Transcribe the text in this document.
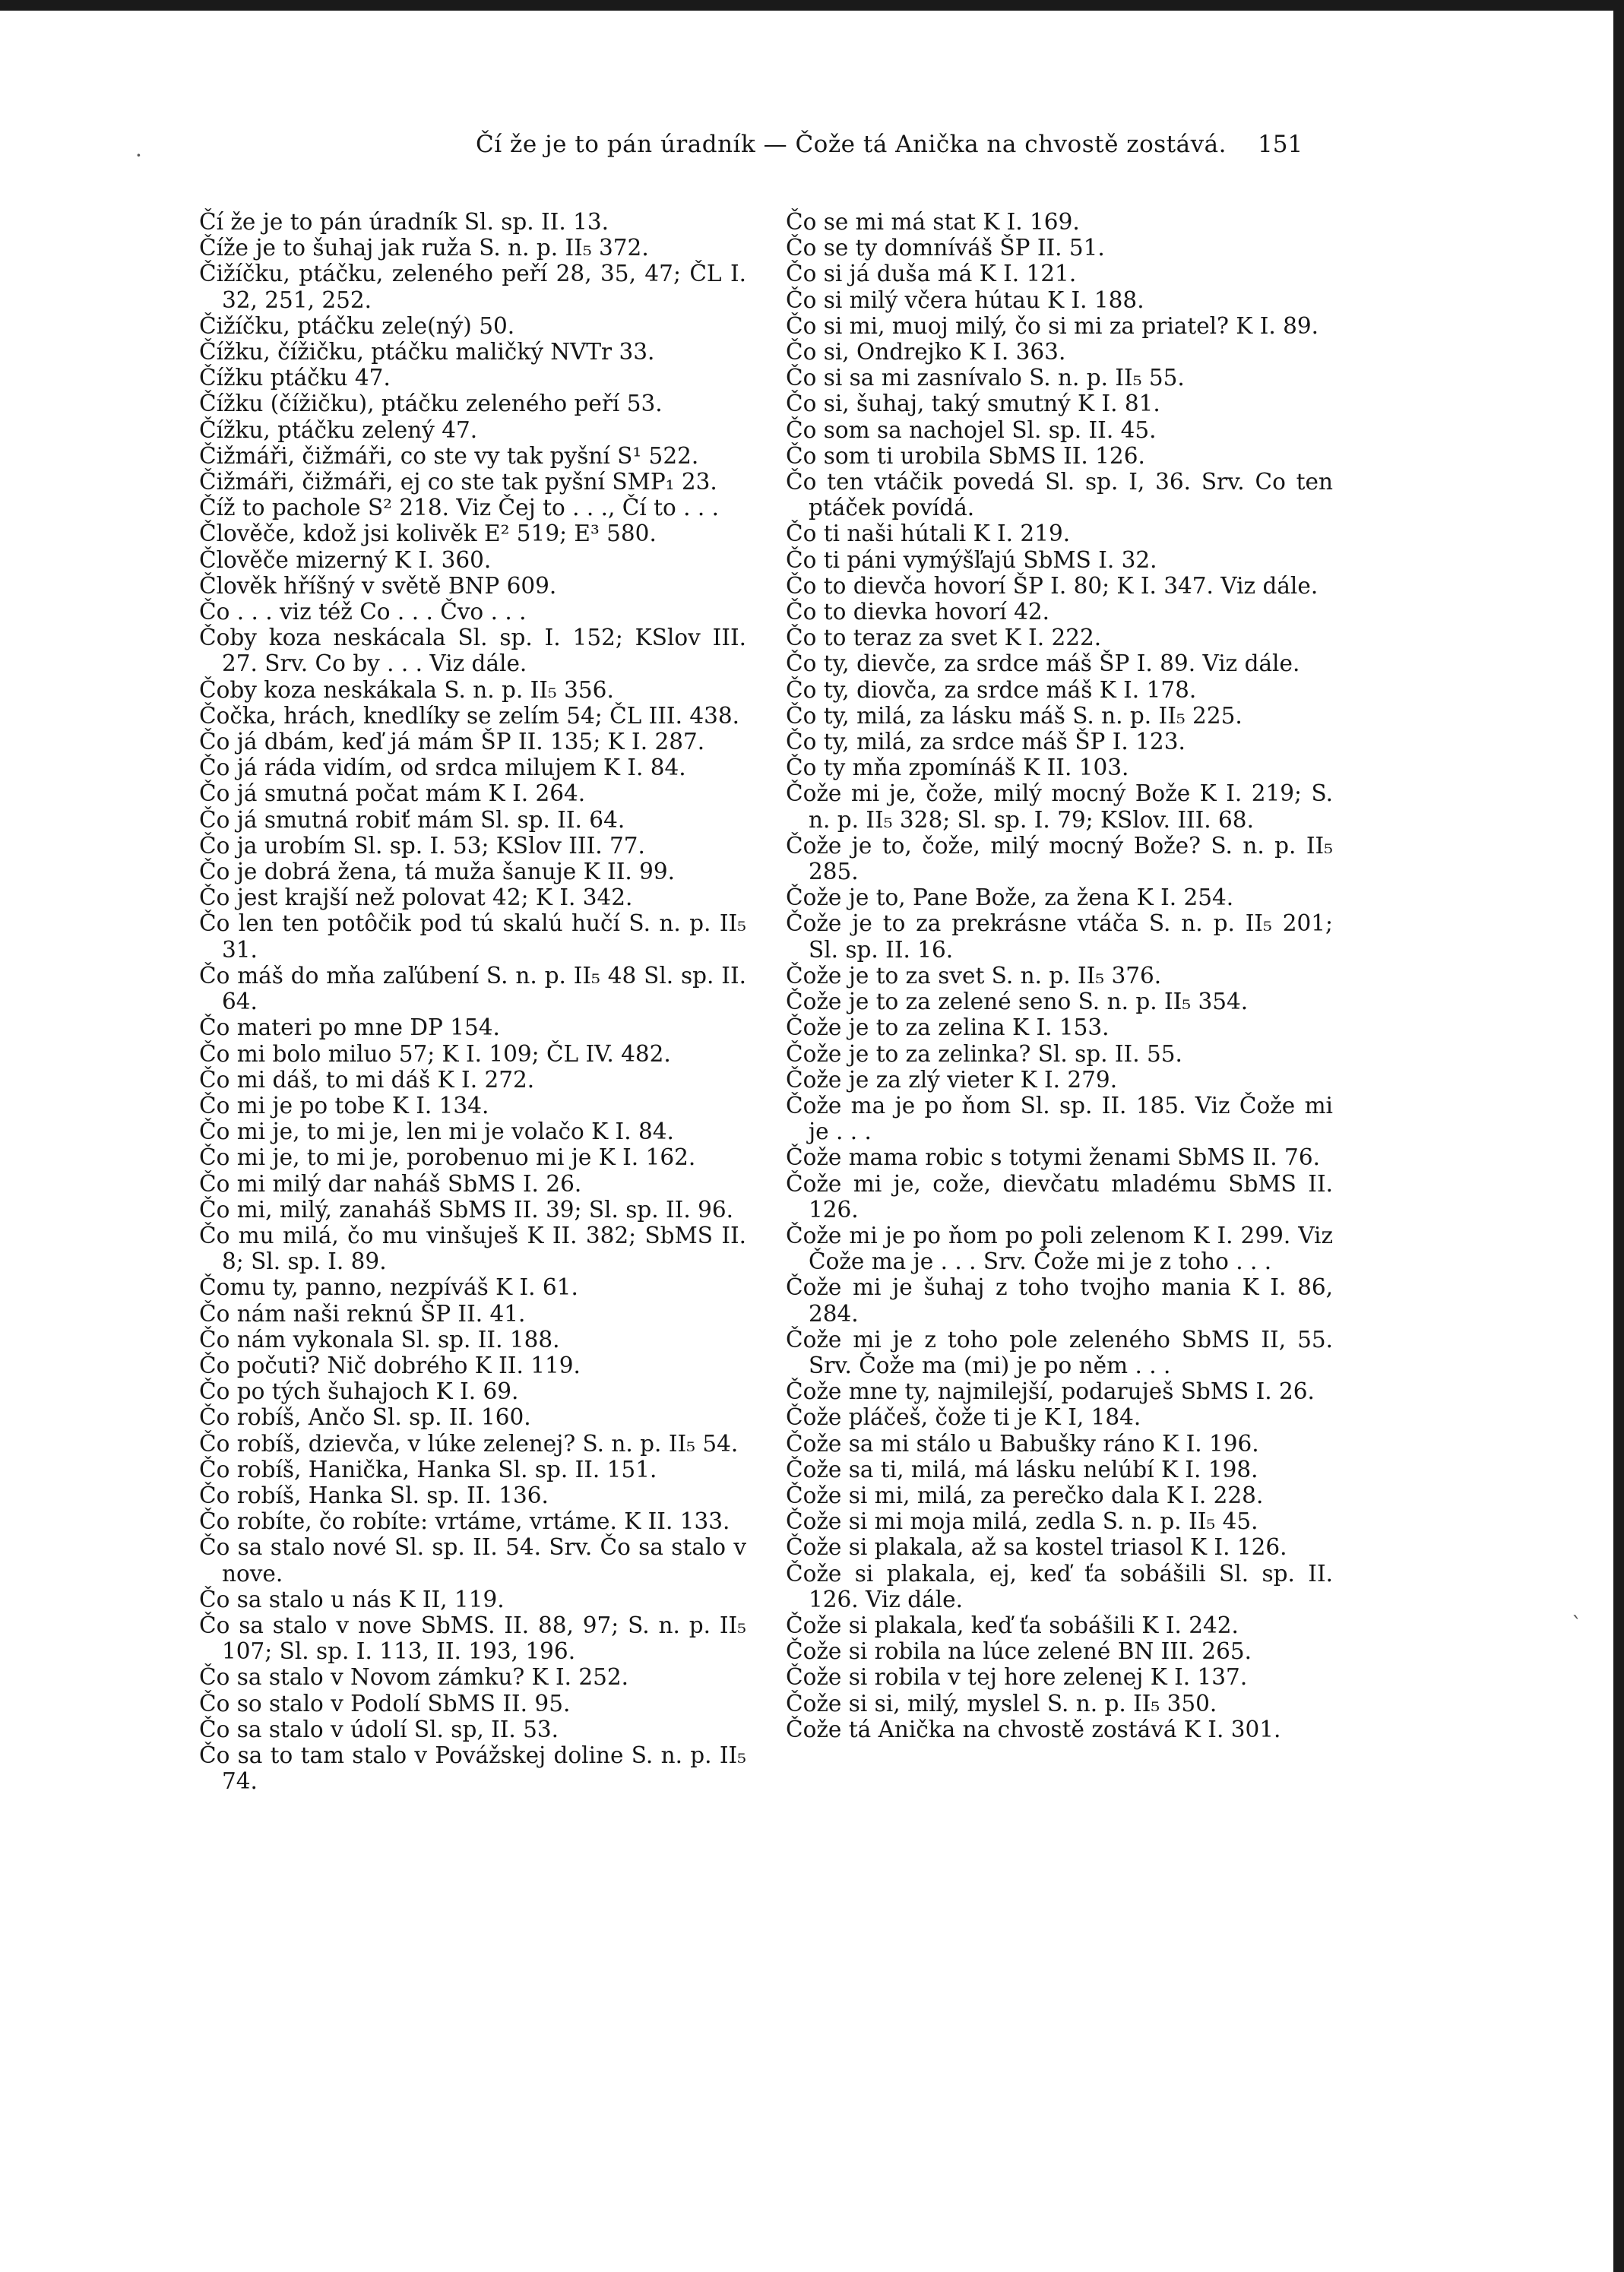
Čí že je to pán úradník — Čože tá Anička na chvostě zostává.	151
·
`
Čí že je to pán úradník Sl. sp. II. 13.
Číže je to šuhaj jak ruža S. n. p. II₅ 372.
Čižíčku, ptáčku, zeleného peří 28, 35, 47; ČL I. 32, 251, 252.
Čižíčku, ptáčku zele(ný) 50.
Čížku, čížičku, ptáčku maličký NVTr 33.
Čížku ptáčku 47.
Čížku (čížičku), ptáčku zeleného peří 53.
Čížku, ptáčku zelený 47.
Čižmáři, čižmáři, co ste vy tak pyšní S¹ 522.
Čižmáři, čižmáři, ej co ste tak pyšní SMP₁ 23.
Číž to pachole S² 218. Viz Čej to . . ., Čí to . . .
Člověče, kdož jsi kolivěk E² 519; E³ 580.
Člověče mizerný K I. 360.
Člověk hříšný v světě BNP 609.
Čo . . . viz též Co . . . Čvo . . .
Čoby koza neskácala Sl. sp. I. 152; KSlov III. 27. Srv. Co by . . . Viz dále.
Čoby koza neskákala S. n. p. II₅ 356.
Čočka, hrách, knedlíky se zelím 54; ČL III. 438.
Čo já dbám, keď já mám ŠP II. 135; K I. 287.
Čo já ráda vidím, od srdca milujem K I. 84.
Čo já smutná počat mám K I. 264.
Čo já smutná robiť mám Sl. sp. II. 64.
Čo ja urobím Sl. sp. I. 53; KSlov III. 77.
Čo je dobrá žena, tá muža šanuje K II. 99.
Čo jest krajší než polovat 42; K I. 342.
Čo len ten potôčik pod tú skalú hučí S. n. p. II₅ 31.
Čo máš do mňa zaľúbení S. n. p. II₅ 48 Sl. sp. II. 64.
Čo materi po mne DP 154.
Čo mi bolo miluo 57; K I. 109; ČL IV. 482.
Čo mi dáš, to mi dáš K I. 272.
Čo mi je po tobe K I. 134.
Čo mi je, to mi je, len mi je volačo K I. 84.
Čo mi je, to mi je, porobenuo mi je K I. 162.
Čo mi milý dar naháš SbMS I. 26.
Čo mi, milý, zanaháš SbMS II. 39; Sl. sp. II. 96.
Čo mu milá, čo mu vinšuješ K II. 382; SbMS II. 8; Sl. sp. I. 89.
Čomu ty, panno, nezpíváš K I. 61.
Čo nám naši reknú ŠP II. 41.
Čo nám vykonala Sl. sp. II. 188.
Čo počuti? Nič dobrého K II. 119.
Čo po tých šuhajoch K I. 69.
Čo robíš, Ančo Sl. sp. II. 160.
Čo robíš, dzievča, v lúke zelenej? S. n. p. II₅ 54.
Čo robíš, Hanička, Hanka Sl. sp. II. 151.
Čo robíš, Hanka Sl. sp. II. 136.
Čo robíte, čo robíte: vrtáme, vrtáme. K II. 133.
Čo sa stalo nové Sl. sp. II. 54. Srv. Čo sa stalo v nove.
Čo sa stalo u nás K II, 119.
Čo sa stalo v nove SbMS. II. 88, 97; S. n. p. II₅ 107; Sl. sp. I. 113, II. 193, 196.
Čo sa stalo v Novom zámku? K I. 252.
Čo so stalo v Podolí SbMS II. 95.
Čo sa stalo v údolí Sl. sp, II. 53.
Čo sa to tam stalo v Povážskej doline S. n. p. II₅ 74.
Čo se mi má stat K I. 169.
Čo se ty domníváš ŠP II. 51.
Čo si já duša má K I. 121.
Čo si milý včera hútau K I. 188.
Čo si mi, muoj milý, čo si mi za priatel? K I. 89.
Čo si, Ondrejko K I. 363.
Čo si sa mi zasnívalo S. n. p. II₅ 55.
Čo si, šuhaj, taký smutný K I. 81.
Čo som sa nachojel Sl. sp. II. 45.
Čo som ti urobila SbMS II. 126.
Čo ten vtáčik povedá Sl. sp. I, 36. Srv. Co ten ptáček povídá.
Čo ti naši hútali K I. 219.
Čo ti páni vymýšľajú SbMS I. 32.
Čo to dievča hovorí ŠP I. 80; K I. 347. Viz dále.
Čo to dievka hovorí 42.
Čo to teraz za svet K I. 222.
Čo ty, dievče, za srdce máš ŠP I. 89. Viz dále.
Čo ty, diovča, za srdce máš K I. 178.
Čo ty, milá, za lásku máš S. n. p. II₅ 225.
Čo ty, milá, za srdce máš ŠP I. 123.
Čo ty mňa zpomínáš K II. 103.
Čože mi je, čože, milý mocný Bože K I. 219; S. n. p. II₅ 328; Sl. sp. I. 79; KSlov. III. 68.
Čože je to, čože, milý mocný Bože? S. n. p. II₅ 285.
Čože je to, Pane Bože, za žena K I. 254.
Čože je to za prekrásne vtáča S. n. p. II₅ 201; Sl. sp. II. 16.
Čože je to za svet S. n. p. II₅ 376.
Čože je to za zelené seno S. n. p. II₅ 354.
Čože je to za zelina K I. 153.
Čože je to za zelinka? Sl. sp. II. 55.
Čože je za zlý vieter K I. 279.
Čože ma je po ňom Sl. sp. II. 185. Viz Čože mi je . . .
Čože mama robic s totymi ženami SbMS II. 76.
Čože mi je, cože, dievčatu mladému SbMS II. 126.
Čože mi je po ňom po poli zelenom K I. 299. Viz Čože ma je . . . Srv. Čože mi je z toho . . .
Čože mi je šuhaj z toho tvojho mania K I. 86, 284.
Čože mi je z toho pole zeleného SbMS II, 55. Srv. Čože ma (mi) je po něm . . .
Čože mne ty, najmilejší, podaruješ SbMS I. 26.
Čože pláčeš, čože ti je K I, 184.
Čože sa mi stálo u Babušky ráno K I. 196.
Čože sa ti, milá, má lásku nelúbí K I. 198.
Čože si mi, milá, za perečko dala K I. 228.
Čože si mi moja milá, zedla S. n. p. II₅ 45.
Čože si plakala, až sa kostel triasol K I. 126.
Čože si plakala, ej, keď ťa sobášili Sl. sp. II. 126. Viz dále.
Čože si plakala, keď ťa sobášili K I. 242.
Čože si robila na lúce zelené BN III. 265.
Čože si robila v tej hore zelenej K I. 137.
Čože si si, milý, myslel S. n. p. II₅ 350.
Čože tá Anička na chvostě zostává K I. 301.
